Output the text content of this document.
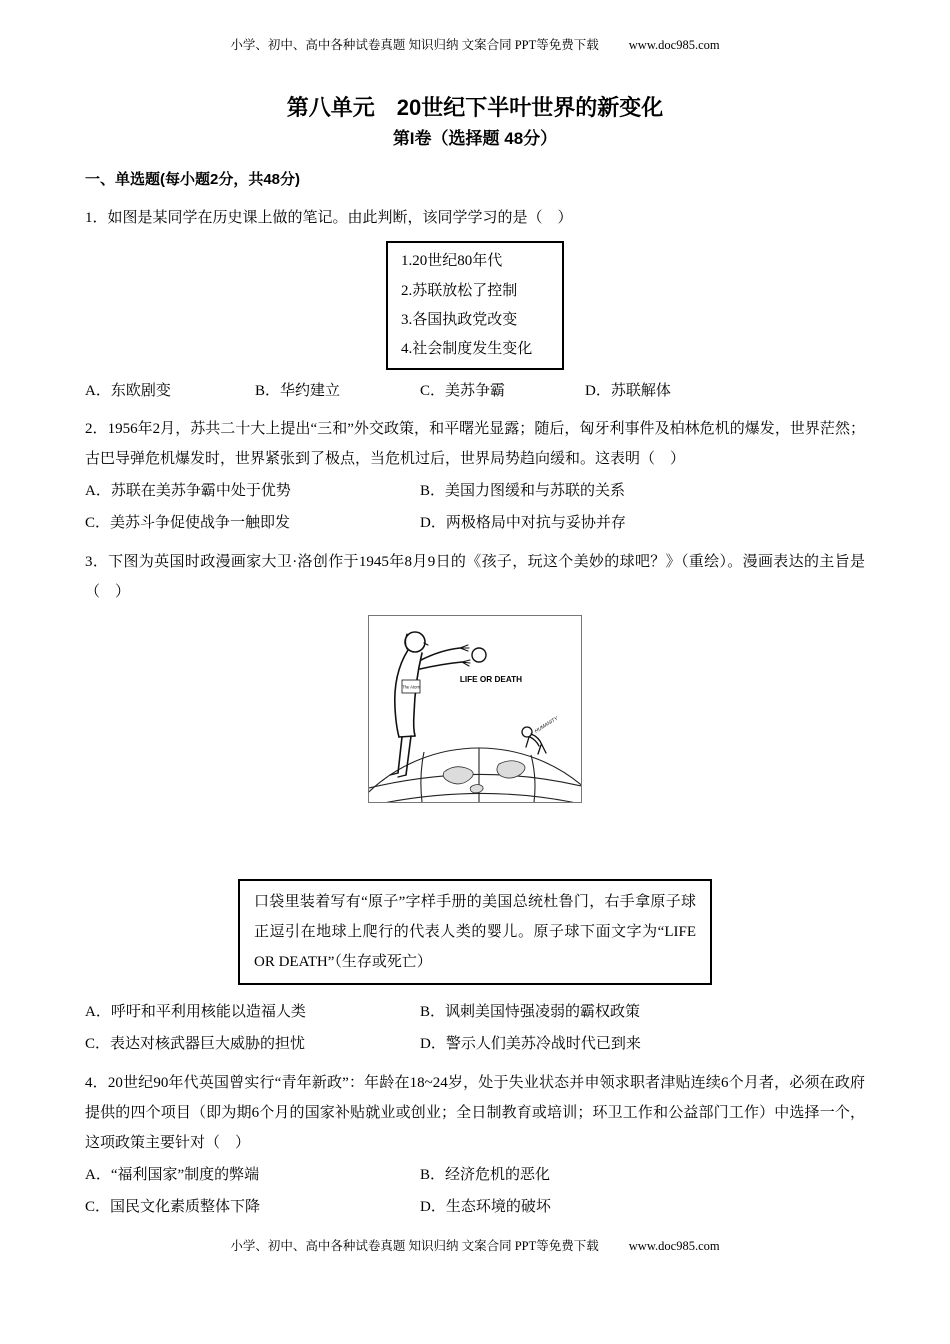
小学、初中、高中各种试卷真题 知识归纳 文案合同 PPT等免费下载 www.doc985.com
第八单元　20世纪下半叶世界的新变化
第I卷（选择题 48分）
一、单选题(每小题2分，共48分)
1．如图是某同学在历史课上做的笔记。由此判断，该同学学习的是（　）
1.20世纪80年代
2.苏联放松了控制
3.各国执政党改变
4.社会制度发生变化
A．东欧剧变	B．华约建立	C．美苏争霸	D．苏联解体
2．1956年2月，苏共二十大上提出“三和”外交政策，和平曙光显露；随后，匈牙利事件及柏林危机的爆发，世界茫然；古巴导弹危机爆发时，世界紧张到了极点，当危机过后，世界局势趋向缓和。这表明（　）
A．苏联在美苏争霸中处于优势	B．美国力图缓和与苏联的关系
C．美苏斗争促使战争一触即发	D．两极格局中对抗与妥协并存
3．下图为英国时政漫画家大卫·洛创作于1945年8月9日的《孩子，玩这个美妙的球吧？》（重绘）。漫画表达的主旨是（　）
The Atom
LIFE OR DEATH
HUMANITY
口袋里装着写有“原子”字样手册的美国总统杜鲁门，右手拿原子球正逗引在地球上爬行的代表人类的婴儿。原子球下面文字为“LIFE OR DEATH”（生存或死亡）
A．呼吁和平利用核能以造福人类	B．讽刺美国恃强凌弱的霸权政策
C．表达对核武器巨大威胁的担忧	D．警示人们美苏冷战时代已到来
4．20世纪90年代英国曾实行“青年新政”：年龄在18~24岁，处于失业状态并申领求职者津贴连续6个月者，必须在政府提供的四个项目（即为期6个月的国家补贴就业或创业；全日制教育或培训；环卫工作和公益部门工作）中选择一个，这项政策主要针对（　）
A．“福利国家”制度的弊端	B．经济危机的恶化
C．国民文化素质整体下降	D．生态环境的破坏
小学、初中、高中各种试卷真题 知识归纳 文案合同 PPT等免费下载 www.doc985.com
